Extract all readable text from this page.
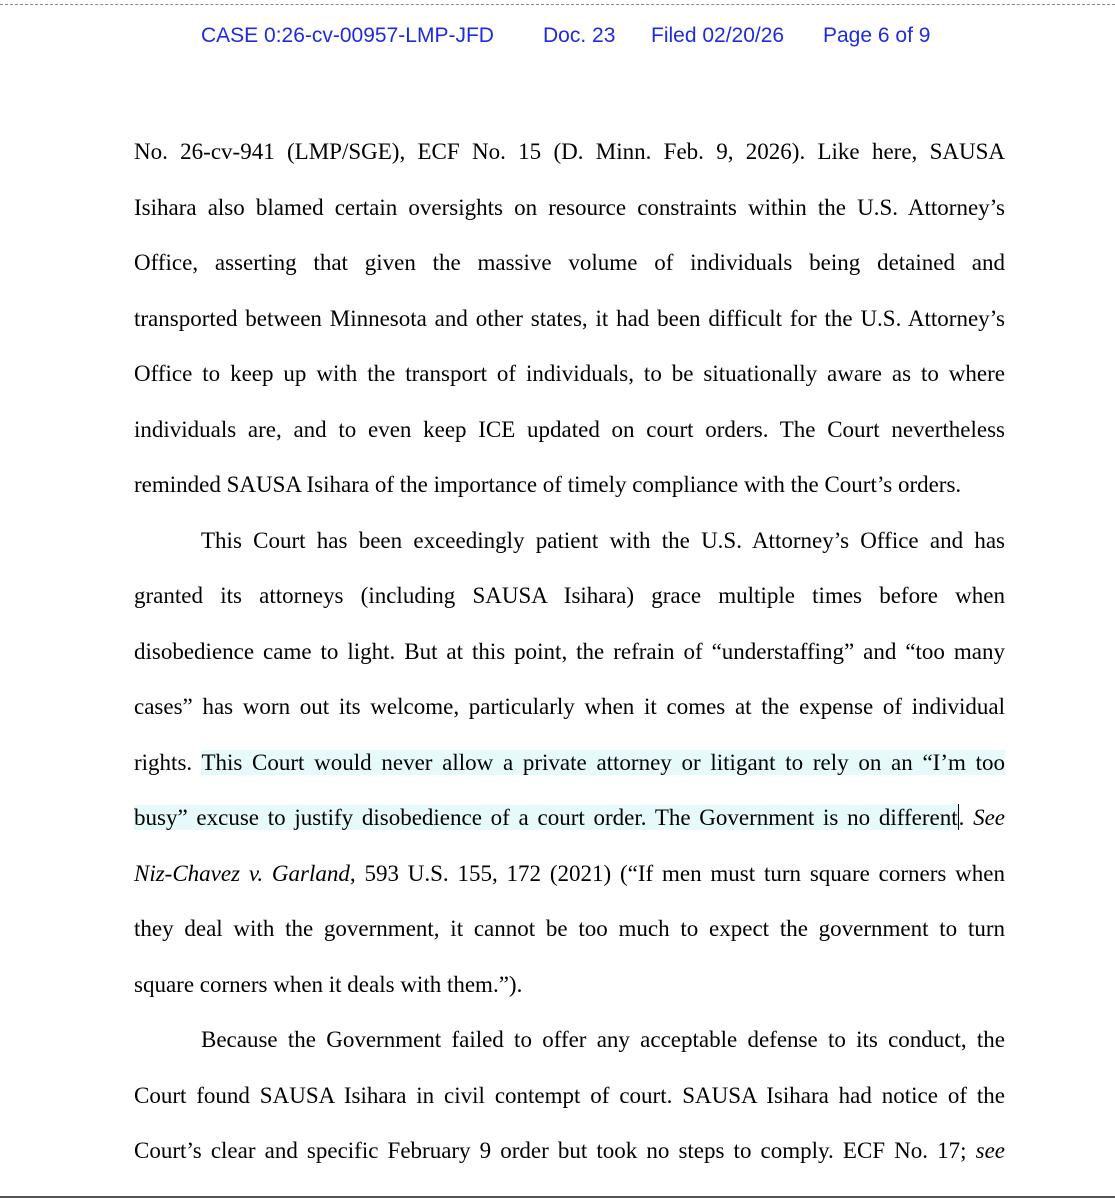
CASE 0:26-cv-00957-LMP-JFD Doc. 23 Filed 02/20/26 Page 6 of 9
No. 26-cv-941 (LMP/SGE), ECF No. 15 (D. Minn. Feb. 9, 2026). Like here, SAUSA
Isihara also blamed certain oversights on resource constraints within the U.S. Attorney’s
Office, asserting that given the massive volume of individuals being detained and
transported between Minnesota and other states, it had been difficult for the U.S. Attorney’s
Office to keep up with the transport of individuals, to be situationally aware as to where
individuals are, and to even keep ICE updated on court orders. The Court nevertheless
reminded SAUSA Isihara of the importance of timely compliance with the Court’s orders.
This Court has been exceedingly patient with the U.S. Attorney’s Office and has
granted its attorneys (including SAUSA Isihara) grace multiple times before when
disobedience came to light. But at this point, the refrain of “understaffing” and “too many
cases” has worn out its welcome, particularly when it comes at the expense of individual
rights. This Court would never allow a private attorney or litigant to rely on an “I’m too
busy” excuse to justify disobedience of a court order. The Government is no different. See
Niz-Chavez v. Garland, 593 U.S. 155, 172 (2021) (“If men must turn square corners when
they deal with the government, it cannot be too much to expect the government to turn
square corners when it deals with them.”).
Because the Government failed to offer any acceptable defense to its conduct, the
Court found SAUSA Isihara in civil contempt of court. SAUSA Isihara had notice of the
Court’s clear and specific February 9 order but took no steps to comply. ECF No. 17; see
